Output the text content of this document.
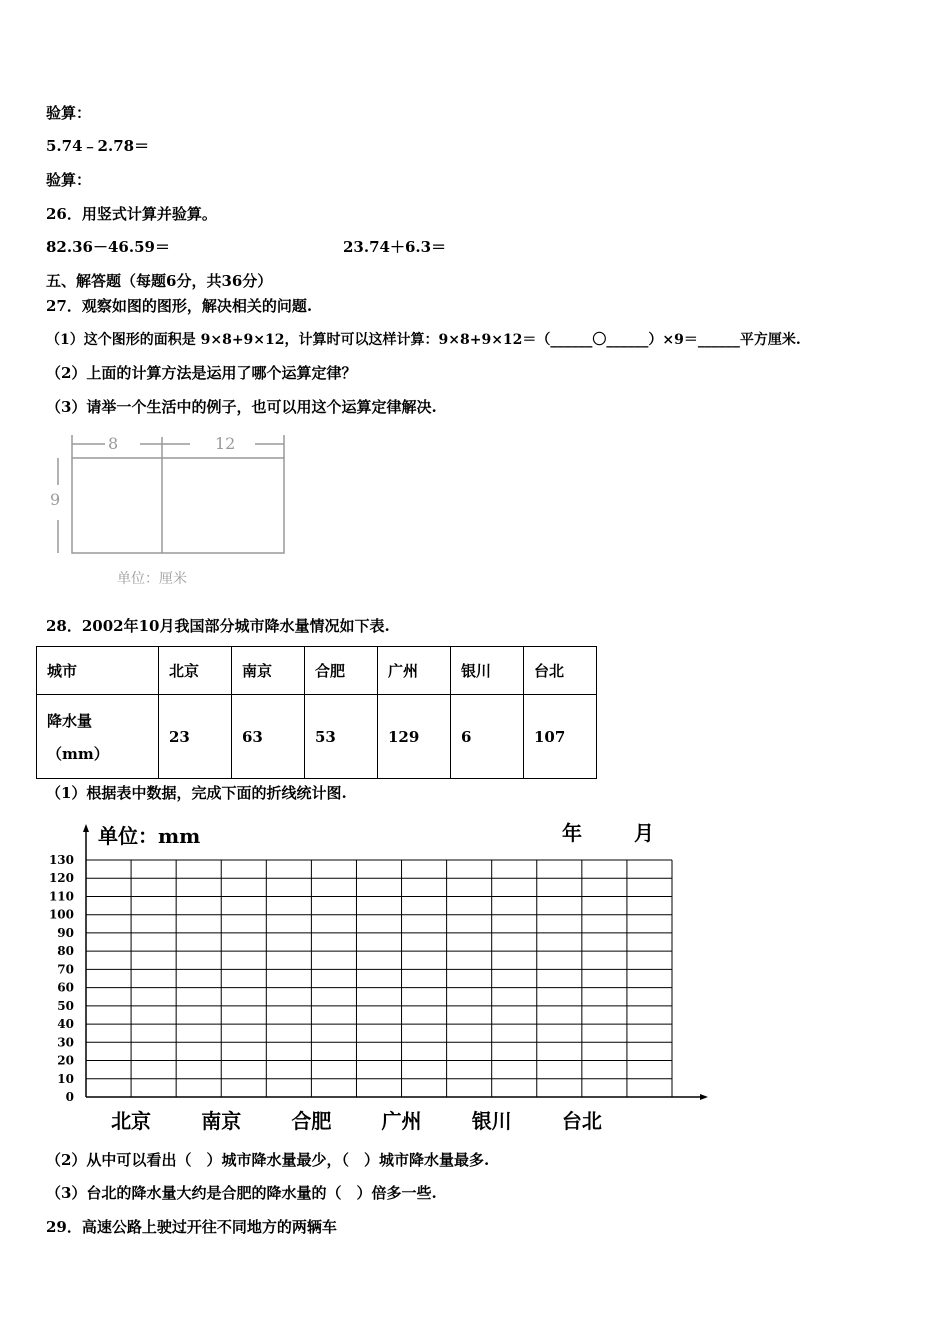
验算：
5.74﹣2.78＝
验算：
26．用竖式计算并验算。
82.36－46.59＝	23.74＋6.3＝
五、解答题（每题6分，共36分）
27．观察如图的图形，解决相关的问题.
（1）这个图形的面积是 9×8+9×12，计算时可以这样计算：9×8+9×12＝（______〇______）×9＝______平方厘米.
（2）上面的计算方法是运用了哪个运算定律？
（3）请举一个生活中的例子，也可以用这个运算定律解决.
8	12
9
单位：厘米
28．2002年10月我国部分城市降水量情况如下表.
城市	北京	南京	合肥	广州	银川	台北

降水量
（mm）	23	63	53	129	6	107
（1）根据表中数据，完成下面的折线统计图.
单位：mm	年	月
0
10
20
30
40
50
60
70
80
90
100
110
120
130
北京	南京	合肥	广州	银川	台北
（2）从中可以看出（　）城市降水量最少，（　）城市降水量最多.
（3）台北的降水量大约是合肥的降水量的（　）倍多一些.
29．高速公路上驶过开往不同地方的两辆车
